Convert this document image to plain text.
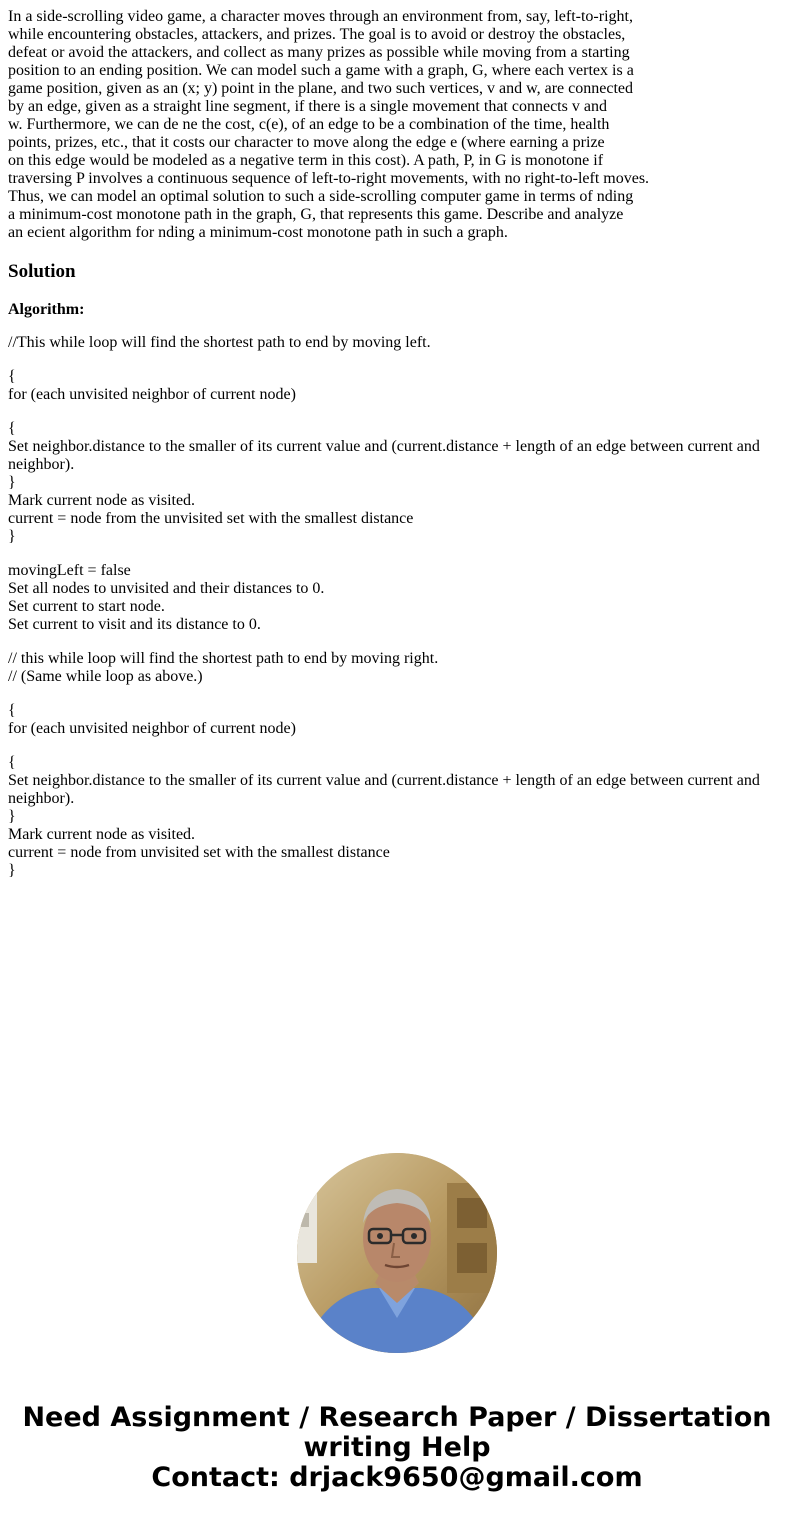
In a side-scrolling video game, a character moves through an environment from, say, left-to-right,
while encountering obstacles, attackers, and prizes. The goal is to avoid or destroy the obstacles,
defeat or avoid the attackers, and collect as many prizes as possible while moving from a starting
position to an ending position. We can model such a game with a graph, G, where each vertex is a
game position, given as an (x; y) point in the plane, and two such vertices, v and w, are connected
by an edge, given as a straight line segment, if there is a single movement that connects v and
w. Furthermore, we can de ne the cost, c(e), of an edge to be a combination of the time, health
points, prizes, etc., that it costs our character to move along the edge e (where earning a prize
on this edge would be modeled as a negative term in this cost). A path, P, in G is monotone if
traversing P involves a continuous sequence of left-to-right movements, with no right-to-left moves.
Thus, we can model an optimal solution to such a side-scrolling computer game in terms of nding
a minimum-cost monotone path in the graph, G, that represents this game. Describe and analyze
an ecient algorithm for nding a minimum-cost monotone path in such a graph.
Solution
Algorithm:
//This while loop will find the shortest path to end by moving left.
{
for (each unvisited neighbor of current node)
{
Set neighbor.distance to the smaller of its current value and (current.distance + length of an edge between current and neighbor).
}
Mark current node as visited.
current = node from the unvisited set with the smallest distance
}
movingLeft = false
Set all nodes to unvisited and their distances to 0.
Set current to start node.
Set current to visit and its distance to 0.
// this while loop will find the shortest path to end by moving right.
// (Same while loop as above.)
{
for (each unvisited neighbor of current node)
{
Set neighbor.distance to the smaller of its current value and (current.distance + length of an edge between current and neighbor).
}
Mark current node as visited.
current = node from unvisited set with the smallest distance
}
Need Assignment / Research Paper / Dissertation
writing Help
Contact: drjack9650@gmail.com
